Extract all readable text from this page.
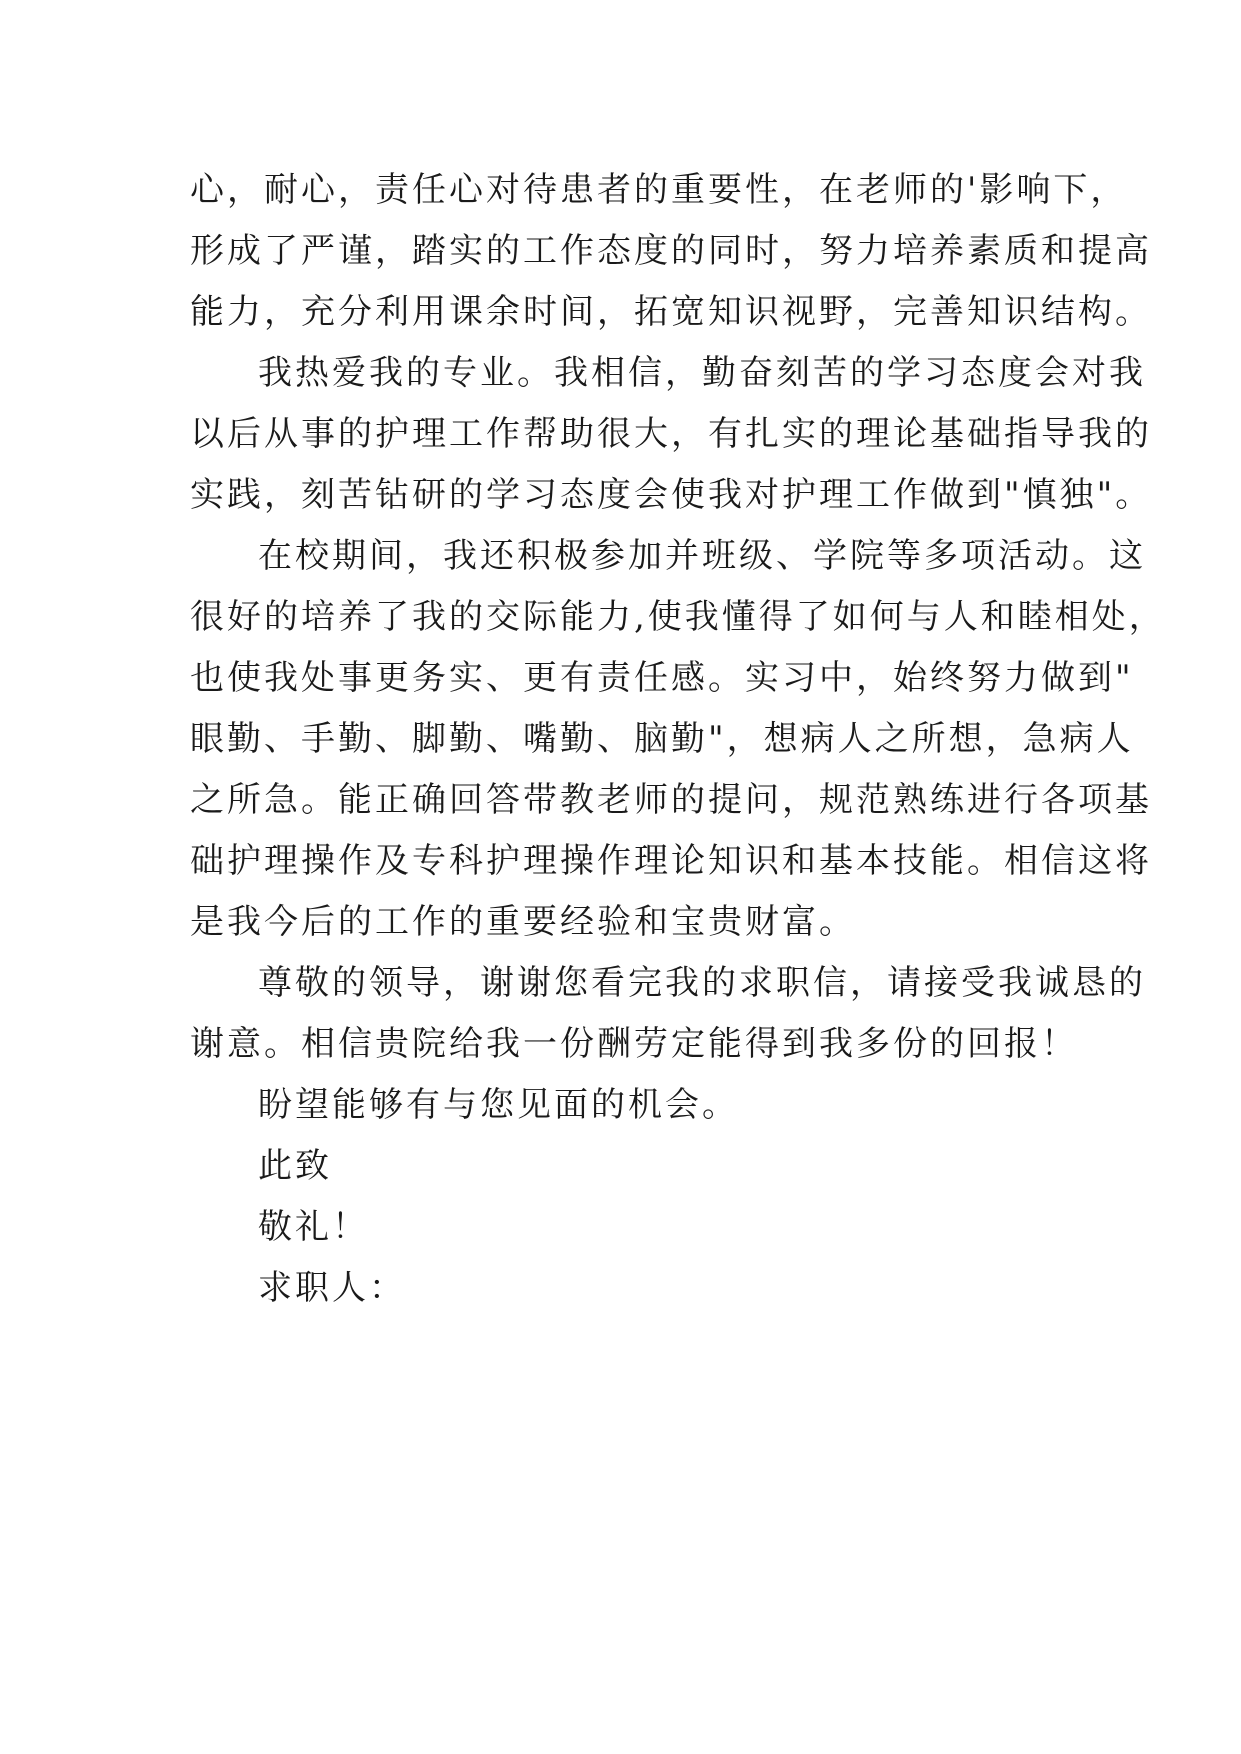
心，耐心，责任心对待患者的重要性，在老师的'影响下，
形成了严谨，踏实的工作态度的同时，努力培养素质和提高
能力，充分利用课余时间，拓宽知识视野，完善知识结构。
我热爱我的专业。我相信，勤奋刻苦的学习态度会对我
以后从事的护理工作帮助很大，有扎实的理论基础指导我的
实践，刻苦钻研的学习态度会使我对护理工作做到"慎独"。
在校期间，我还积极参加并班级、学院等多项活动。这
很好的培养了我的交际能力,使我懂得了如何与人和睦相处，
也使我处事更务实、更有责任感。实习中，始终努力做到"
眼勤、手勤、脚勤、嘴勤、脑勤"，想病人之所想，急病人
之所急。能正确回答带教老师的提问，规范熟练进行各项基
础护理操作及专科护理操作理论知识和基本技能。相信这将
是我今后的工作的重要经验和宝贵财富。
尊敬的领导，谢谢您看完我的求职信，请接受我诚恳的
谢意。相信贵院给我一份酬劳定能得到我多份的回报！
盼望能够有与您见面的机会。
此致
敬礼！
求职人：
